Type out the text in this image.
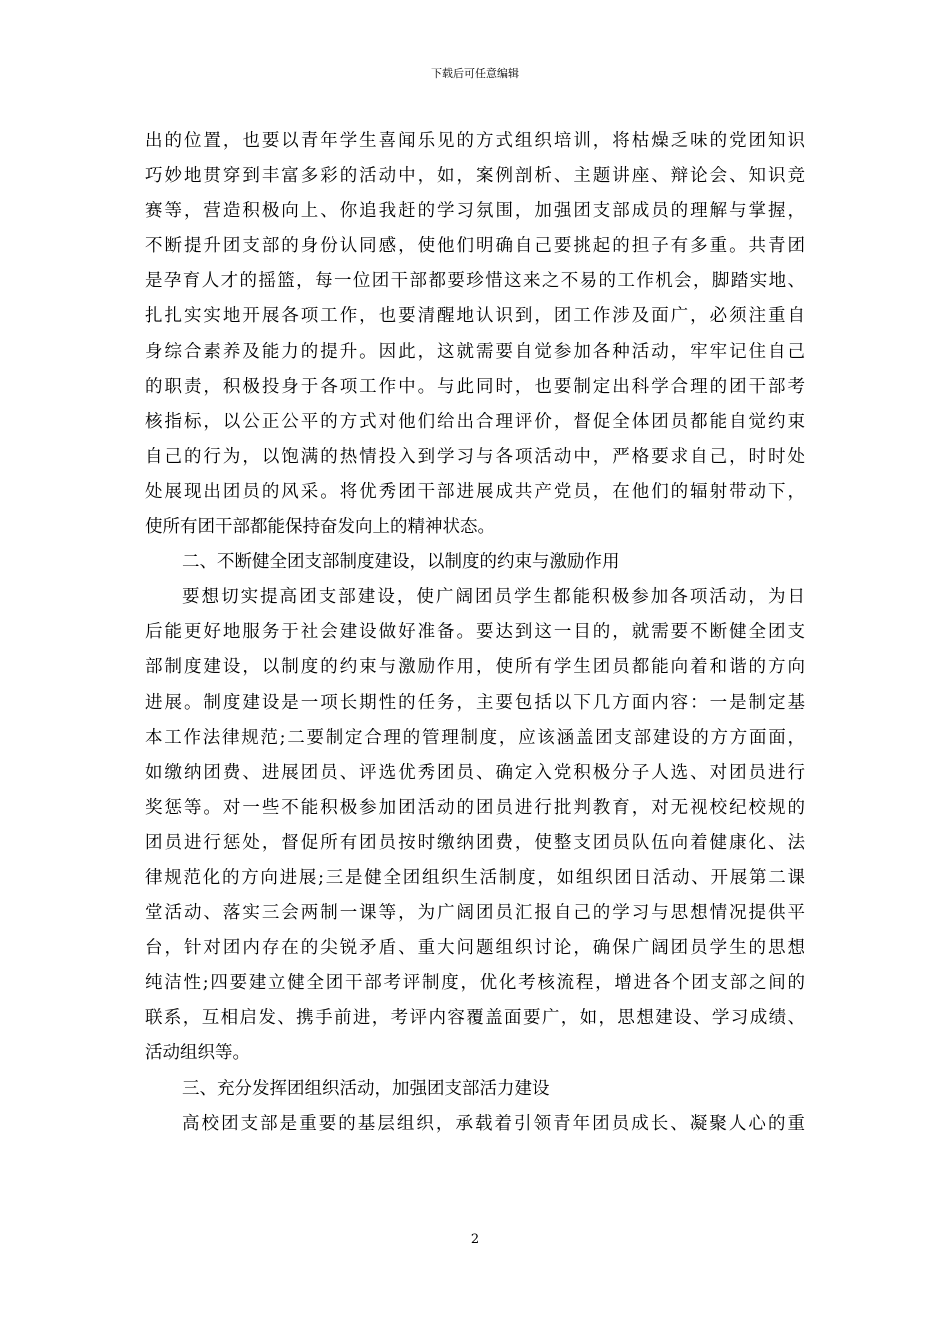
下载后可任意编辑
出的位置，也要以青年学生喜闻乐见的方式组织培训，将枯燥乏味的党团知识
巧妙地贯穿到丰富多彩的活动中，如，案例剖析、主题讲座、辩论会、知识竞
赛等，营造积极向上、你追我赶的学习氛围，加强团支部成员的理解与掌握，
不断提升团支部的身份认同感，使他们明确自己要挑起的担子有多重。共青团
是孕育人才的摇篮，每一位团干部都要珍惜这来之不易的工作机会，脚踏实地、
扎扎实实地开展各项工作，也要清醒地认识到，团工作涉及面广，必须注重自
身综合素养及能力的提升。因此，这就需要自觉参加各种活动，牢牢记住自己
的职责，积极投身于各项工作中。与此同时，也要制定出科学合理的团干部考
核指标，以公正公平的方式对他们给出合理评价，督促全体团员都能自觉约束
自己的行为，以饱满的热情投入到学习与各项活动中，严格要求自己，时时处
处展现出团员的风采。将优秀团干部进展成共产党员，在他们的辐射带动下，
使所有团干部都能保持奋发向上的精神状态。
二、不断健全团支部制度建设，以制度的约束与激励作用
要想切实提高团支部建设，使广阔团员学生都能积极参加各项活动，为日
后能更好地服务于社会建设做好准备。要达到这一目的，就需要不断健全团支
部制度建设，以制度的约束与激励作用，使所有学生团员都能向着和谐的方向
进展。制度建设是一项长期性的任务，主要包括以下几方面内容：一是制定基
本工作法律规范;二要制定合理的管理制度，应该涵盖团支部建设的方方面面，
如缴纳团费、进展团员、评选优秀团员、确定入党积极分子人选、对团员进行
奖惩等。对一些不能积极参加团活动的团员进行批判教育，对无视校纪校规的
团员进行惩处，督促所有团员按时缴纳团费，使整支团员队伍向着健康化、法
律规范化的方向进展;三是健全团组织生活制度，如组织团日活动、开展第二课
堂活动、落实三会两制一课等，为广阔团员汇报自己的学习与思想情况提供平
台，针对团内存在的尖锐矛盾、重大问题组织讨论，确保广阔团员学生的思想
纯洁性;四要建立健全团干部考评制度，优化考核流程，增进各个团支部之间的
联系，互相启发、携手前进，考评内容覆盖面要广，如，思想建设、学习成绩、
活动组织等。
三、充分发挥团组织活动，加强团支部活力建设
高校团支部是重要的基层组织，承载着引领青年团员成长、凝聚人心的重
2
